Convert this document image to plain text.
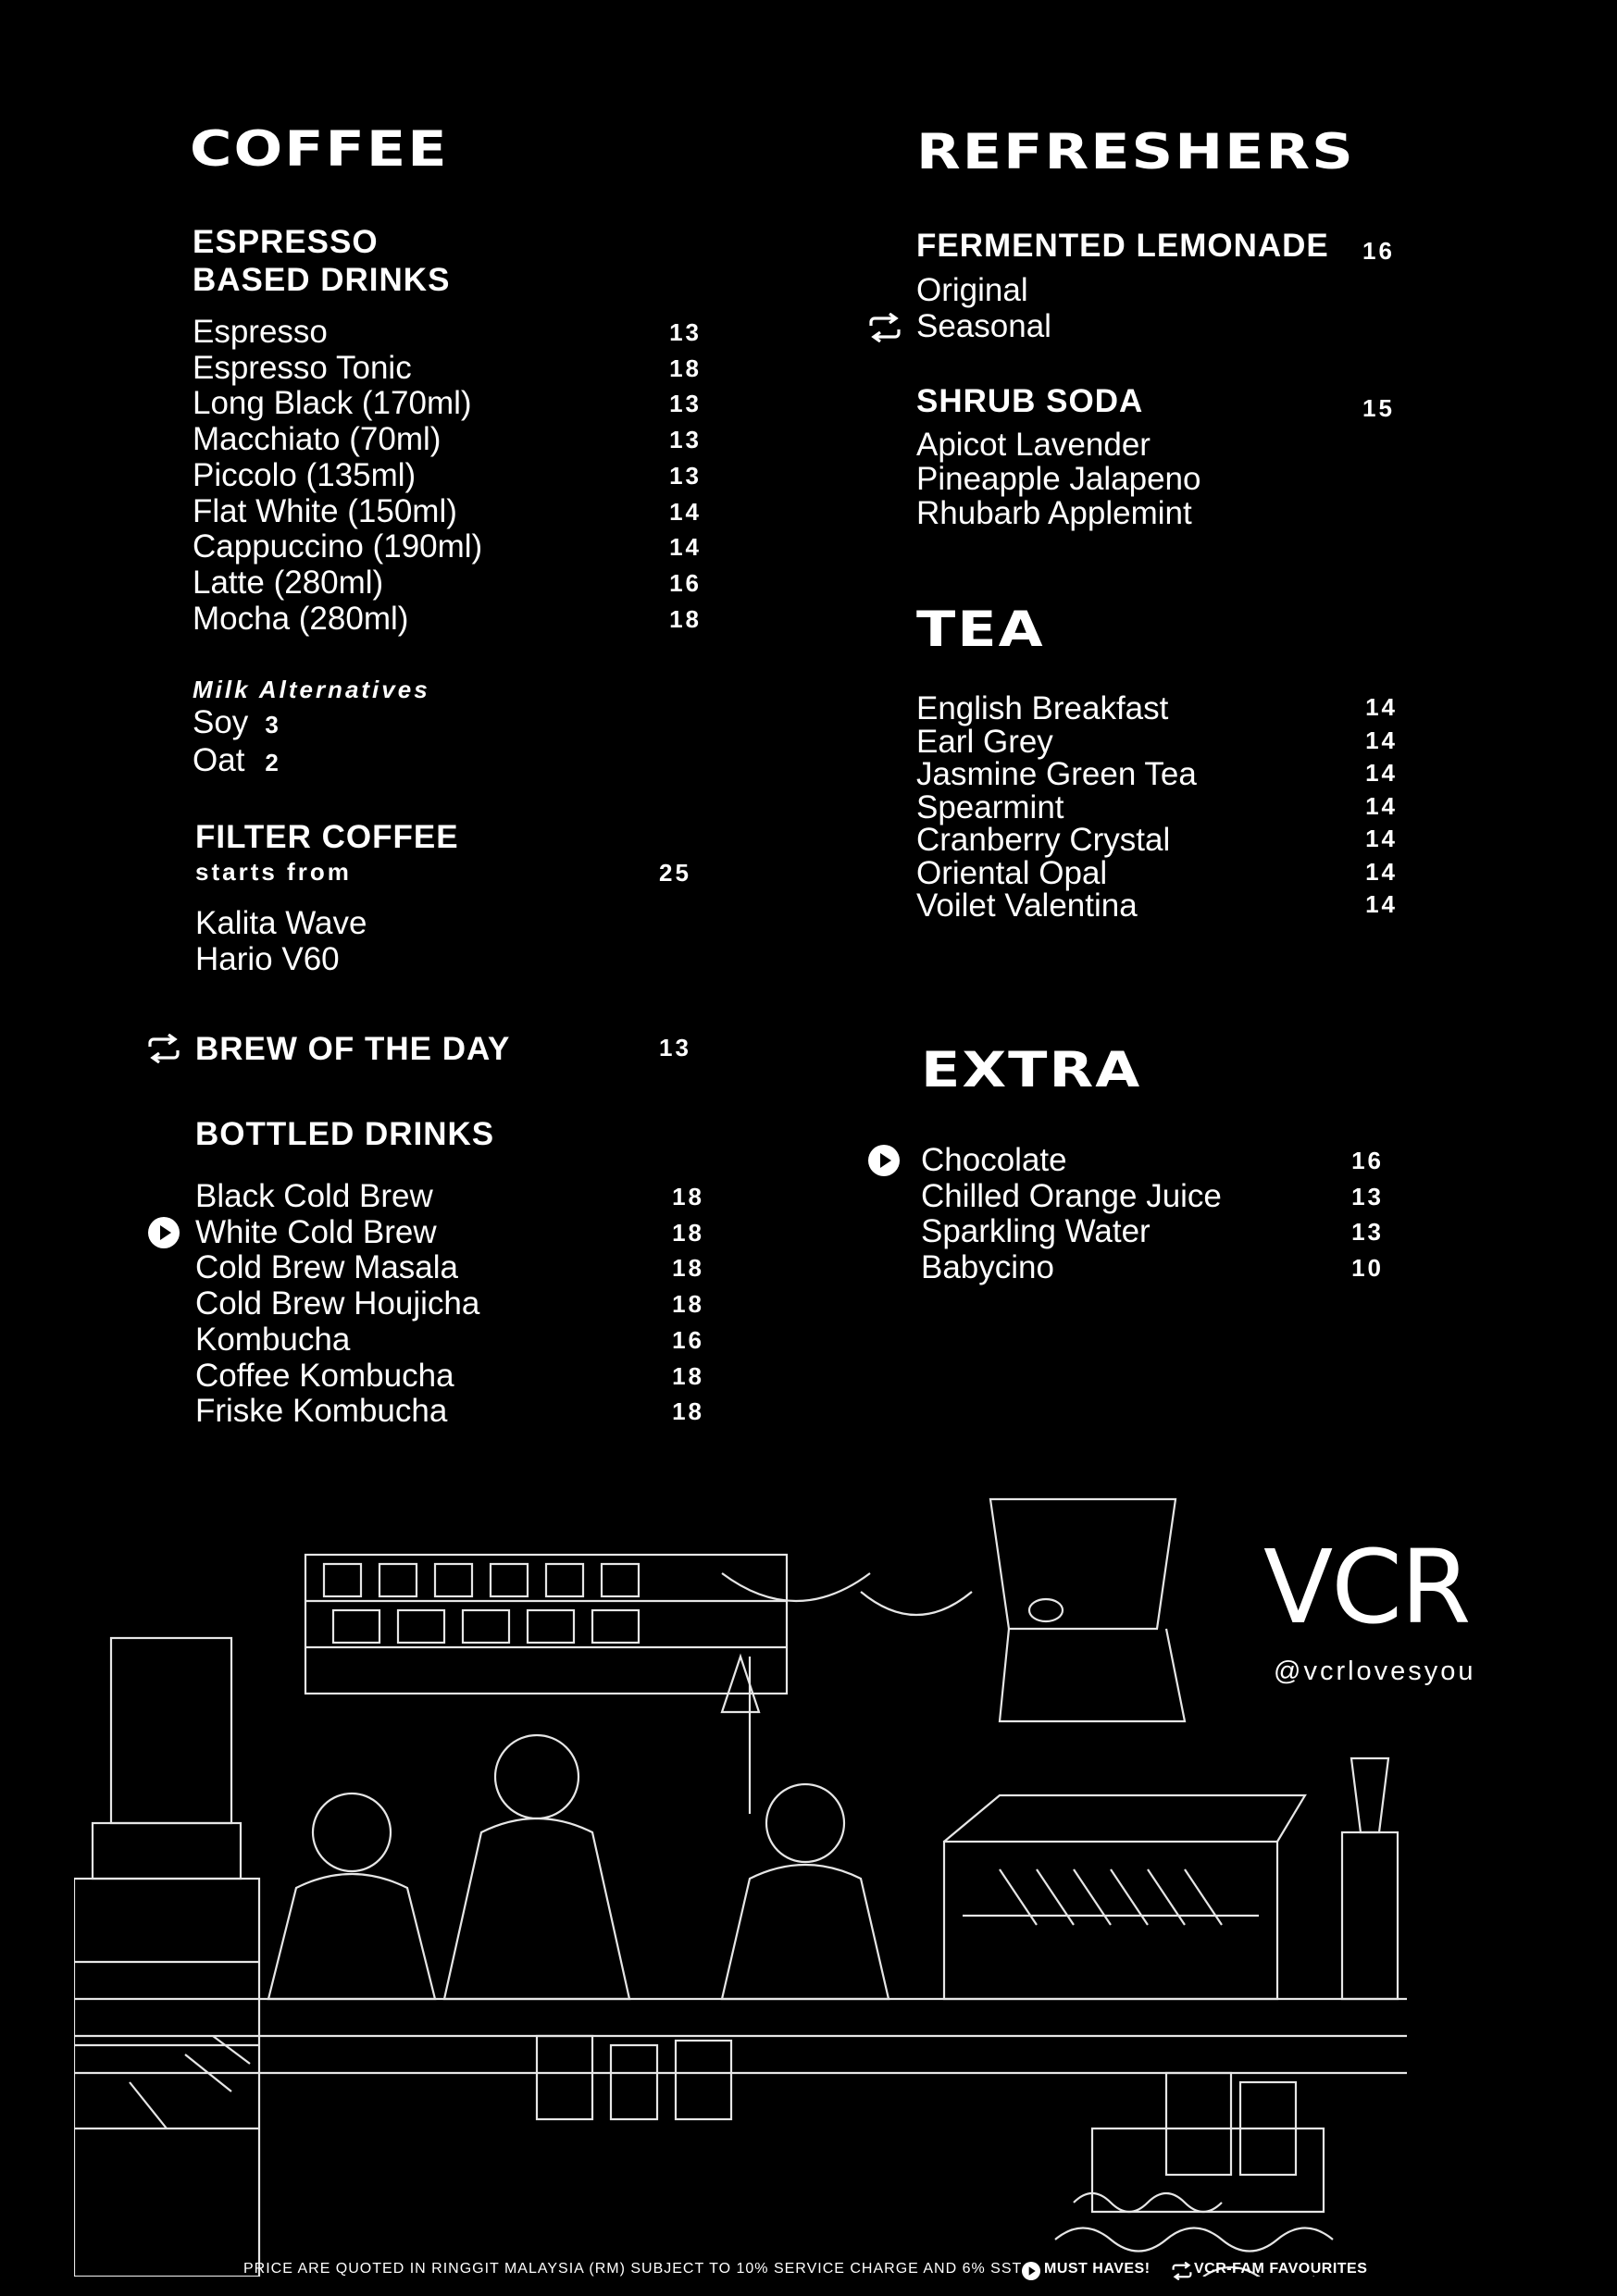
COFFEE
ESPRESSO
BASED DRINKS
Espresso	13
Espresso Tonic	18
Long Black (170ml)	13
Macchiato (70ml)	13
Piccolo (135ml)	13
Flat White (150ml)	14
Cappuccino (190ml)	14
Latte (280ml)	16
Mocha (280ml)	18
Milk Alternatives
Soy 3
Oat 2
FILTER COFFEE
starts from	25
Kalita Wave
Hario V60
BREW OF THE DAY	13
BOTTLED DRINKS
Black Cold Brew	18
White Cold Brew	18
Cold Brew Masala	18
Cold Brew Houjicha	18
Kombucha	16
Coffee Kombucha	18
Friske Kombucha	18
REFRESHERS
FERMENTED LEMONADE 16
Original
Seasonal
SHRUB SODA	15
Apicot Lavender
Pineapple Jalapeno
Rhubarb Applemint
TEA
English Breakfast	14
Earl Grey	14
Jasmine Green Tea	14
Spearmint	14
Cranberry Crystal	14
Oriental Opal	14
Voilet Valentina	14
EXTRA
Chocolate	16
Chilled Orange Juice	13
Sparkling Water	13
Babycino	10
VCR
@vcrlovesyou
PRICE ARE QUOTED IN RINGGIT MALAYSIA (RM) SUBJECT TO 10% SERVICE CHARGE AND 6% SST MUST HAVES!	VCR-FAM FAVOURITES
